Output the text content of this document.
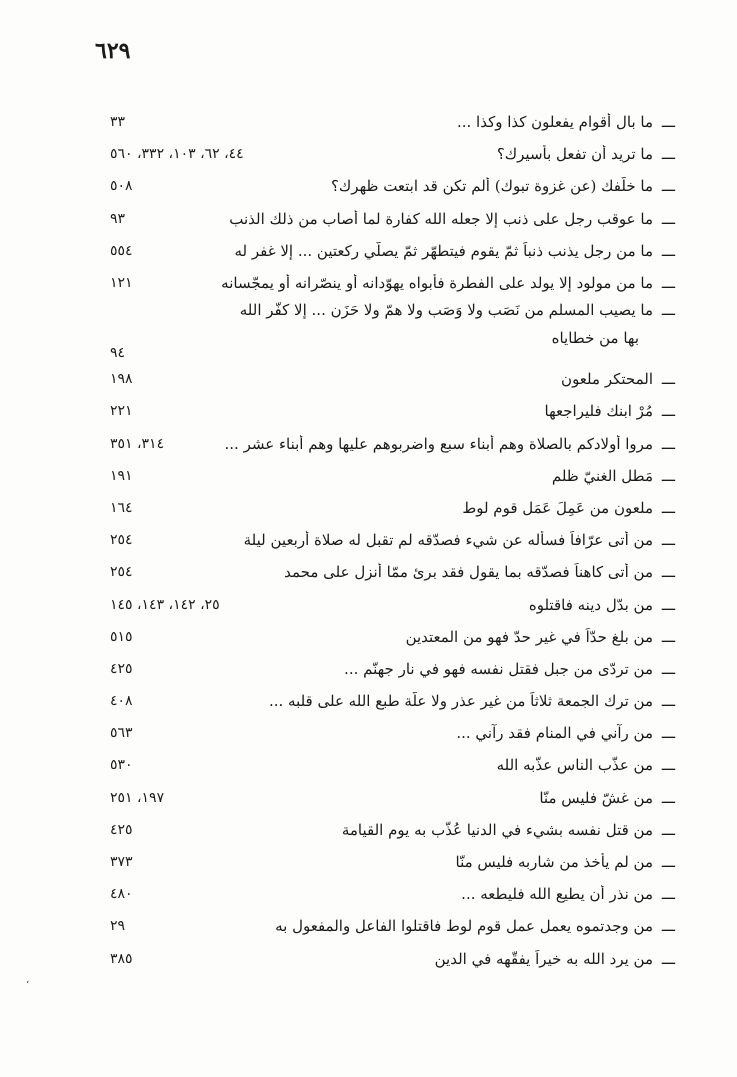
٦٢٩
ـــ
ما بال أقوام يفعلون كذا وكذا ...
٣٣
ـــ
ما تريد أن تفعل بأسيرك؟
٤٤، ٦٢، ١٠٣، ٣٣٢، ٥٦٠
ـــ
ما خلّفك (عن غزوة تبوك) ألم تكن قد ابتعت ظهرك؟
٥٠٨
ـــ
ما عوقب رجل على ذنب إلا جعله الله كفارة لما أصاب من ذلك الذنب
٩٣
ـــ
ما من رجل يذنب ذنباً ثمّ يقوم فيتطهّر ثمّ يصلّي ركعتين ... إلا غفر له
٥٥٤
ـــ
ما من مولود إلا يولد على الفطرة فأبواه يهوّدانه أو ينصّرانه أو يمجّسانه
١٢١
ـــ
ما يصيب المسلم من نَصَب ولا وَصَب ولا همّ ولا حَزَن ... إلا كفّر الله
بها من خطاياه
٩٤
ـــ
المحتكر ملعون
١٩٨
ـــ
مُرْ ابنك فليراجعها
٢٢١
ـــ
مروا أولادكم بالصلاة وهم أبناء سبع واضربوهم عليها وهم أبناء عشر ...
٣١٤، ٣٥١
ـــ
مَطل الغنيّ ظلم
١٩١
ـــ
ملعون من عَمِلَ عَمَل قوم لوط
١٦٤
ـــ
من أتى عرّافاً فسأله عن شيء فصدّقه لم تقبل له صلاة أربعين ليلة
٢٥٤
ـــ
من أتى كاهناً فصدّقه بما يقول فقد برئ ممّا أنزل على محمد
٢٥٤
ـــ
من بدّل دينه فاقتلوه
٢٥، ١٤٢، ١٤٣، ١٤٥
ـــ
من بلغ حدّاً في غير حدّ فهو من المعتدين
٥١٥
ـــ
من تردّى من جبل فقتل نفسه فهو في نار جهنّم ...
٤٢٥
ـــ
من ترك الجمعة ثلاثاً من غير عذر ولا علّة طبع الله على قلبه ...
٤٠٨
ـــ
من رآني في المنام فقد رآني ...
٥٦٣
ـــ
من عذّب الناس عذّبه الله
٥٣٠
ـــ
من غشّ فليس منّا
١٩٧، ٢٥١
ـــ
من قتل نفسه بشيء في الدنيا عُذّب به يوم القيامة
٤٢٥
ـــ
من لم يأخذ من شاربه فليس منّا
٣٧٣
ـــ
من نذر أن يطيع الله فليطعه ...
٤٨٠
ـــ
من وجدتموه يعمل عمل قوم لوط فاقتلوا الفاعل والمفعول به
٢٩
ـــ
من يرد الله به خيراً يفقّهه في الدين
٣٨٥
،
